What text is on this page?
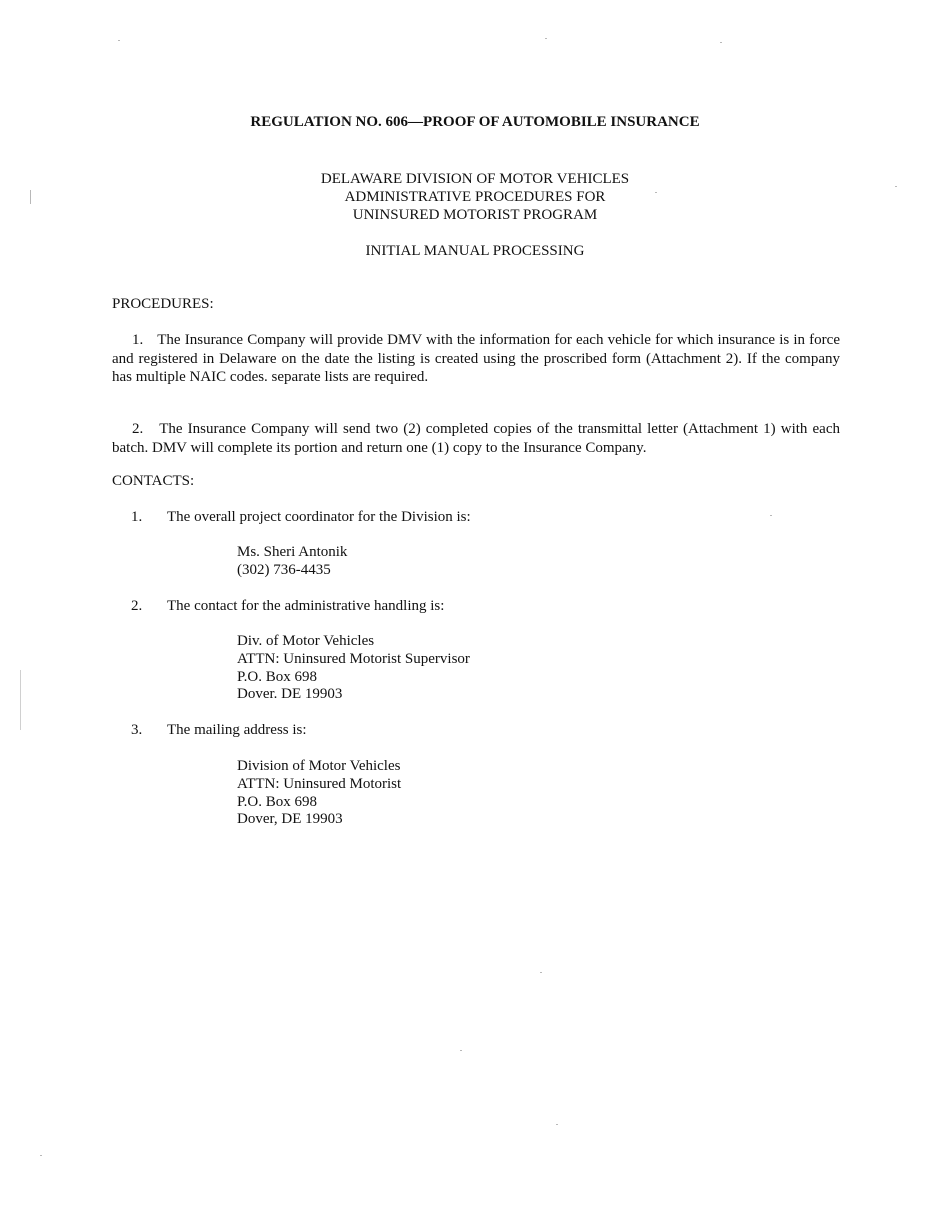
REGULATION NO. 606—PROOF OF AUTOMOBILE INSURANCE
DELAWARE DIVISION OF MOTOR VEHICLES
ADMINISTRATIVE PROCEDURES FOR
UNINSURED MOTORIST PROGRAM
INITIAL MANUAL PROCESSING
PROCEDURES:

1. The Insurance Company will provide DMV with the information for each vehicle for which insurance is in force and registered in Delaware on the date the listing is created using the proscribed form (Attachment 2). If the company has multiple NAIC codes. separate lists are required.

2. The Insurance Company will send two (2) completed copies of the transmittal letter (Attachment 1) with each batch. DMV will complete its portion and return one (1) copy to the Insurance Company.

CONTACTS:
1. The overall project coordinator for the Division is:
Ms. Sheri Antonik
(302) 736-4435
2. The contact for the administrative handling is:
Div. of Motor Vehicles
ATTN: Uninsured Motorist Supervisor
P.O. Box 698
Dover. DE 19903
3. The mailing address is:
Division of Motor Vehicles
ATTN: Uninsured Motorist
P.O. Box 698
Dover, DE 19903
